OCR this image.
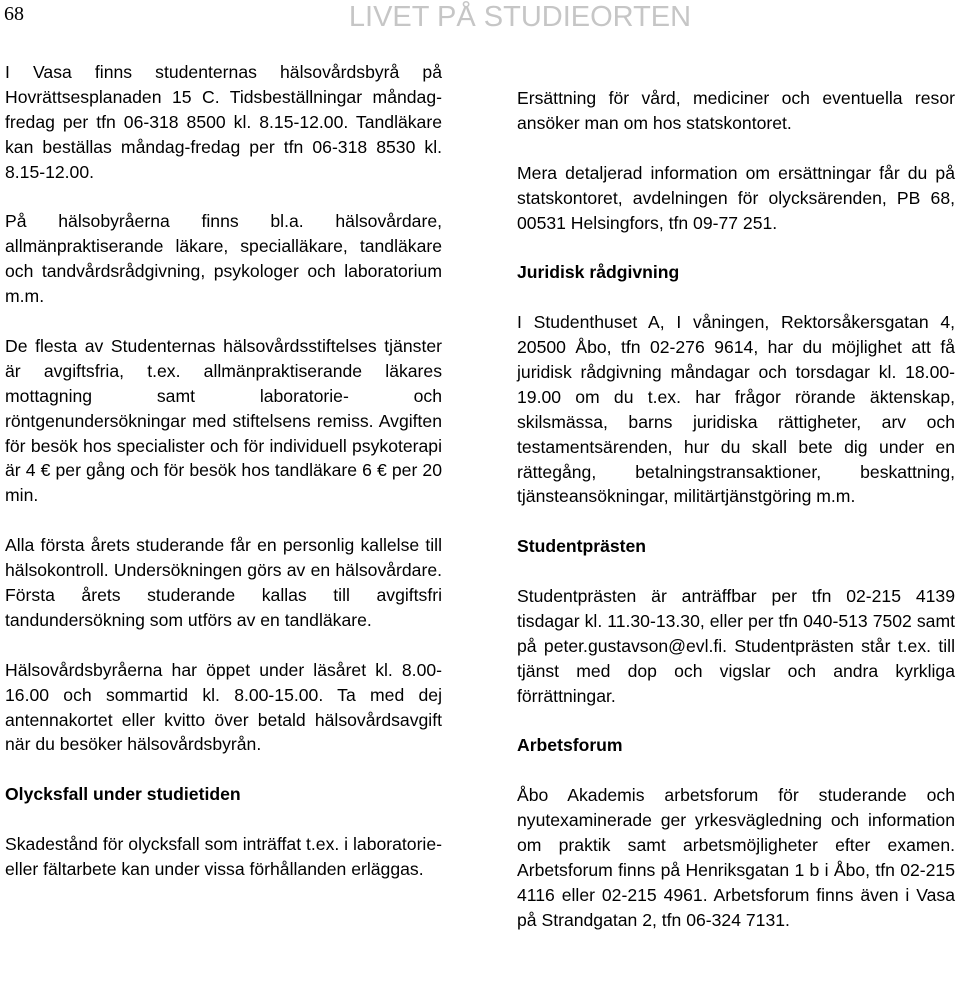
68	LIVET PÅ STUDIEORTEN

I Vasa finns studenternas hälsovårdsbyrå på Hovrättsesplanaden 15 C. Tidsbeställningar måndag-fredag per tfn 06-318 8500 kl. 8.15-12.00. Tandläkare kan beställas måndag-fredag per tfn 06-318 8530 kl. 8.15-12.00.

På hälsobyråerna finns bl.a. hälsovårdare, allmänpraktiserande läkare, specialläkare, tandläkare och tandvårdsrådgivning, psykologer och laboratorium m.m.

De flesta av Studenternas hälsovårdsstiftelses tjänster är avgiftsfria, t.ex. allmänpraktiserande läkares mottagning samt laboratorie- och röntgenundersökningar med stiftelsens remiss. Avgiften för besök hos specialister och för individuell psykoterapi är 4 € per gång och för besök hos tandläkare 6 € per 20 min.

Alla första årets studerande får en personlig kallelse till hälsokontroll. Undersökningen görs av en hälsovårdare. Första årets studerande kallas till avgiftsfri tandundersökning som utförs av en tandläkare.

Hälsovårdsbyråerna har öppet under läsåret kl. 8.00-16.00 och sommartid kl. 8.00-15.00. Ta med dej antennakortet eller kvitto över betald hälsovårdsavgift när du besöker hälsovårdsbyrån.

Olycksfall under studietiden

Skadestånd för olycksfall som inträffat t.ex. i laboratorie- eller fältarbete kan under vissa förhållanden erläggas.

Ersättning för vård, mediciner och eventuella resor ansöker man om hos statskontoret.

Mera detaljerad information om ersättningar får du på statskontoret, avdelningen för olycksärenden, PB 68, 00531 Helsingfors, tfn 09-77 251.

Juridisk rådgivning

I Studenthuset A, I våningen, Rektorsåkersgatan 4, 20500 Åbo, tfn 02-276 9614, har du möjlighet att få juridisk rådgivning måndagar och torsdagar kl. 18.00-19.00 om du t.ex. har frågor rörande äktenskap, skilsmässa, barns juridiska rättigheter, arv och testamentsärenden, hur du skall bete dig under en rättegång, betalningstransaktioner, beskattning, tjänsteansökningar, militärtjänstgöring m.m.

Studentprästen

Studentprästen är anträffbar per tfn 02-215 4139 tisdagar kl. 11.30-13.30, eller per tfn 040-513 7502 samt på peter.gustavson@evl.fi. Studentprästen står t.ex. till tjänst med dop och vigslar och andra kyrkliga förrättningar.

Arbetsforum

Åbo Akademis arbetsforum för studerande och nyutexaminerade ger yrkesvägledning och information om praktik samt arbetsmöjligheter efter examen. Arbetsforum finns på Henriksgatan 1 b i Åbo, tfn 02-215 4116 eller 02-215 4961. Arbetsforum finns även i Vasa på Strandgatan 2, tfn 06-324 7131.
